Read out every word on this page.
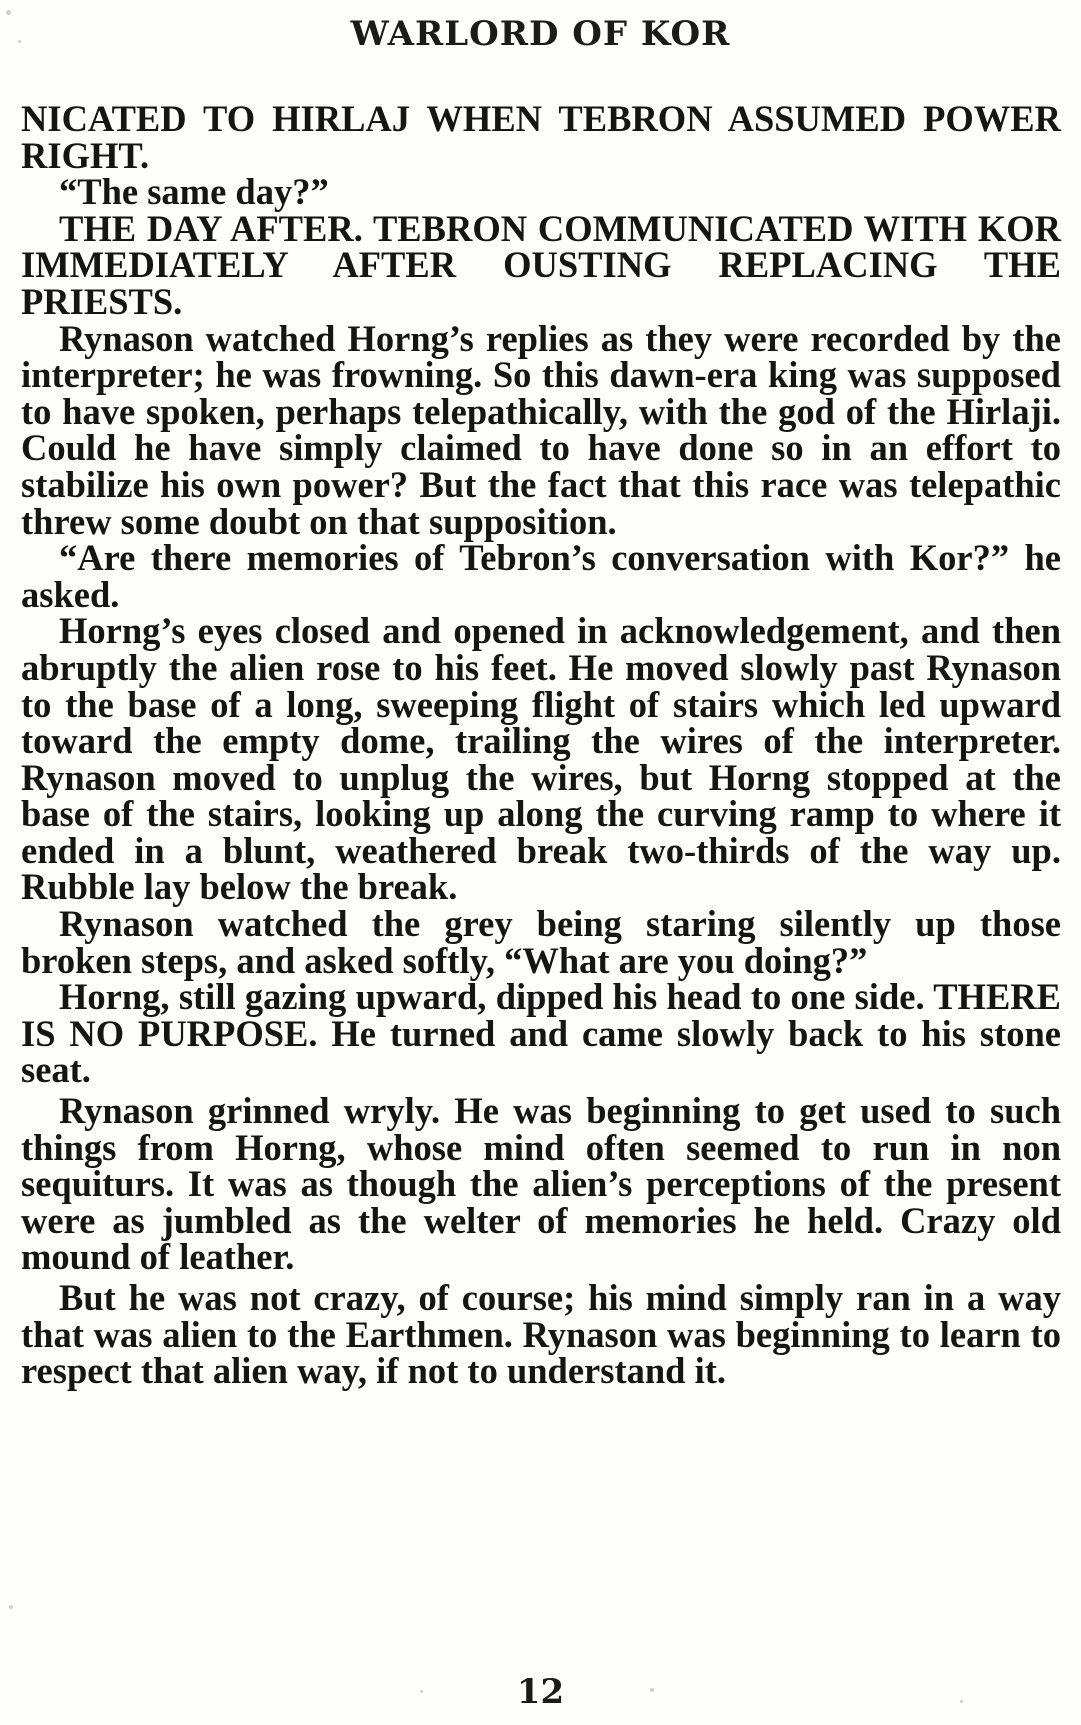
WARLORD OF KOR

NICATED TO HIRLAJ WHEN TEBRON ASSUMED POWER RIGHT.

“The same day?”

THE DAY AFTER. TEBRON COMMUNICATED WITH KOR IMMEDIATELY AFTER OUSTING REPLACING THE PRIESTS.

Rynason watched Horng’s replies as they were recorded by the interpreter; he was frowning. So this dawn-era king was supposed to have spoken, perhaps telepathically, with the god of the Hirlaji. Could he have simply claimed to have done so in an effort to stabilize his own power? But the fact that this race was telepathic threw some doubt on that supposition.

“Are there memories of Tebron’s conversation with Kor?” he asked.

Horng’s eyes closed and opened in acknowledgement, and then abruptly the alien rose to his feet. He moved slowly past Rynason to the base of a long, sweeping flight of stairs which led upward toward the empty dome, trailing the wires of the interpreter. Rynason moved to unplug the wires, but Horng stopped at the base of the stairs, looking up along the curving ramp to where it ended in a blunt, weathered break two-thirds of the way up. Rubble lay below the break.

Rynason watched the grey being staring silently up those broken steps, and asked softly, “What are you doing?”

Horng, still gazing upward, dipped his head to one side. THERE IS NO PURPOSE. He turned and came slowly back to his stone seat.

Rynason grinned wryly. He was beginning to get used to such things from Horng, whose mind often seemed to run in non sequiturs. It was as though the alien’s perceptions of the present were as jumbled as the welter of memories he held. Crazy old mound of leather.

But he was not crazy, of course; his mind simply ran in a way that was alien to the Earthmen. Rynason was beginning to learn to respect that alien way, if not to understand it.

12
